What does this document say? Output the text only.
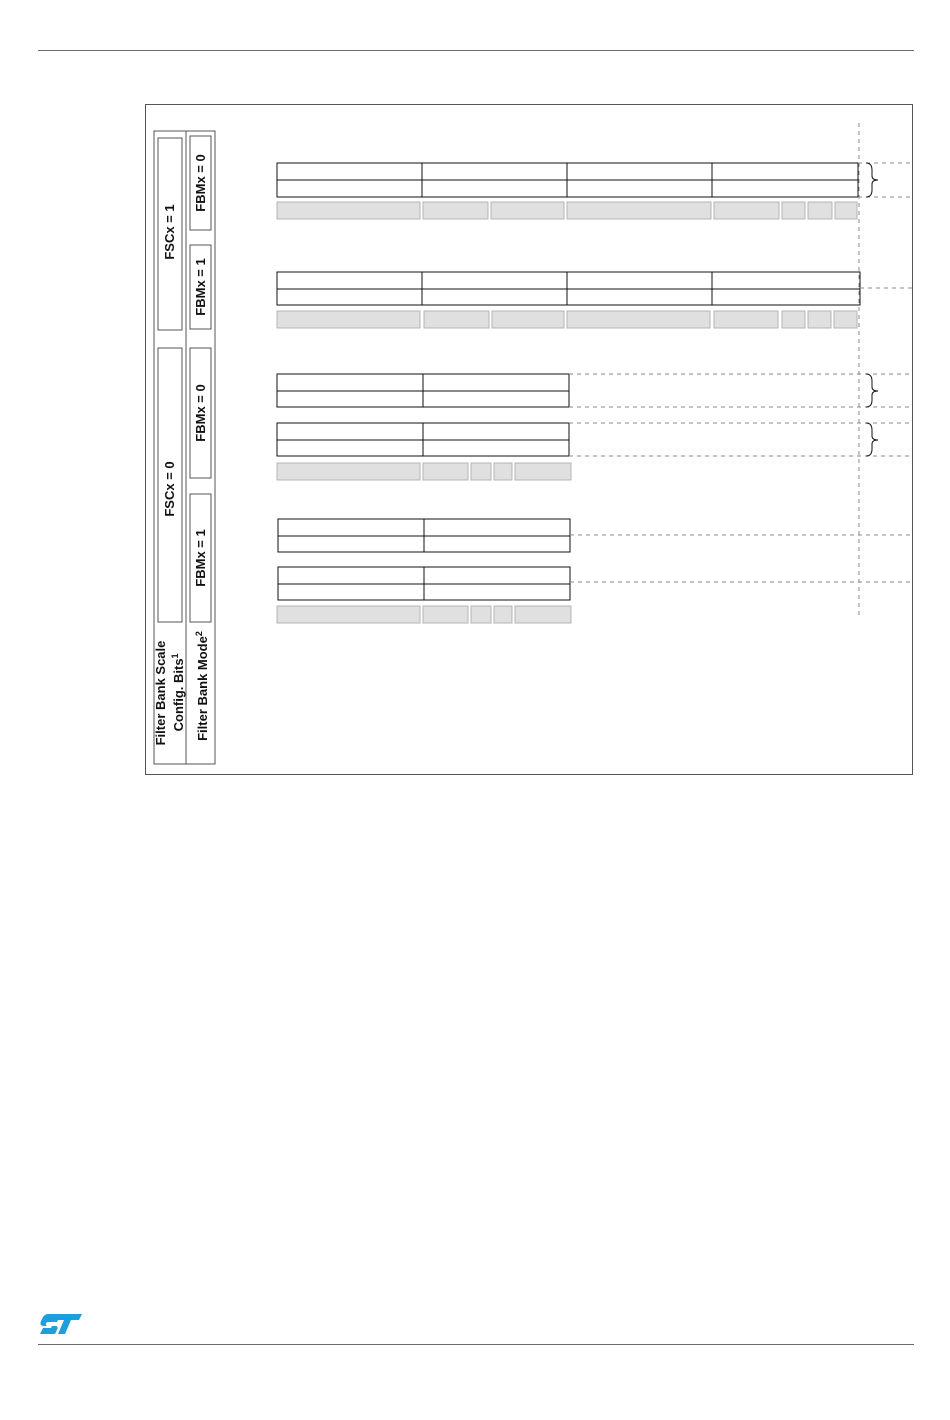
Filter Bank Scale Config. Bits$^1$	Filter Bank Mode$^2$
FSCx = 1
FSCx = 0
FBMx = 0
FBMx = 1
FBMx = 0
FBMx = 1
